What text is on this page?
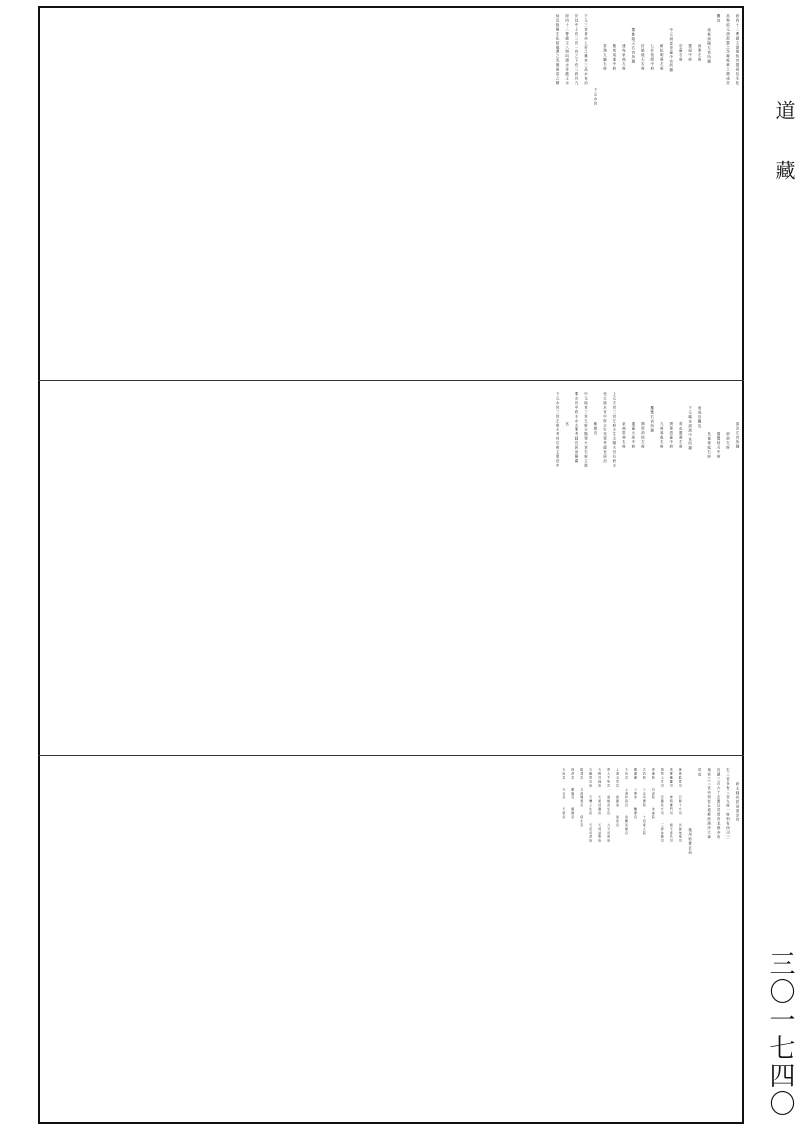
道藏
三〇一七四〇
府四十二曹總主諸地仙官靈祇及生化
品物結元洞混靈之炁凝極黄之精成宫
闕也
南極洞陽左宫所隸
諒事左府
靈紐中府
宗靈右府
中元洞虚青靈中宫所隸
耐紀明晨左府
七非恬照中府
紂絶陰天右府
酆都陰天右宫所隸
連宛泉曲左府
罷宛成池中府
泰煞九幽右府
下元水官
下元三官者亦上帝之雜宫三品水官治
於其中上有三宫一宫之下有三府共九
府四十二曹總主八海四瀆水帝龍王水
仙及陰陽生化結風澤之炁凝晨浩之精
清泠左宫所隸
紛劫左府
靈寶劫刃中府
長夜寒庭右府
而成宫闕也
下元暘谷洞源中宫所隸
青玄靈淵左府
朔單清靈中府
九府寒夜右府
羅酆右宫所隸
開度劫掠左府
通靈大劫中府
泉曲思神右府
上元天官三宫左府主生太陽火官右府主
死太陰水官中府主生死罪考録官居治
紫微宫
中元地官三宫左府主陽罪火官右府主陰
罪水官中府主水火罪考録官居治陽臺
宫
下元水官三宫左府主考官右府主罪官中
府主録官居治清泠宫
右三官各有三宫九府一府别有四司三
官總三百六十玄曹以司萬有北都亦有
鬼官之三官亦别有五道都府濱泠大神
司也
施用仙曹玄局
衆真監度司　　召制十方司　　伏御地祇司
束縛魔靈司　　神明護門司　　諸天書名司
削死上生司　　安鎮其方司　　三界侍衛司
青龍院　　白虎院　　朱雀院
玄武院　　三五功曹院　　十回度人院
羅蕭臺　　三華堂　　離便宫
大有宫　　上清妙庭宫　　金闕家陽宫
上清玉房宫　　森羅池　　淨索宫
度人不死宫　　南極長生宫　　九天司馬府
天相司録府　　天梁延壽府　　天同益筭府
天樞度厄府　　天機上生府　　天府司命府
監簿宫　　文昌煉蒐宫　　保生宫
保命宫　　鎮嶽宫　　鎮國宫
天府宫　　天日宫　　天梁宫
